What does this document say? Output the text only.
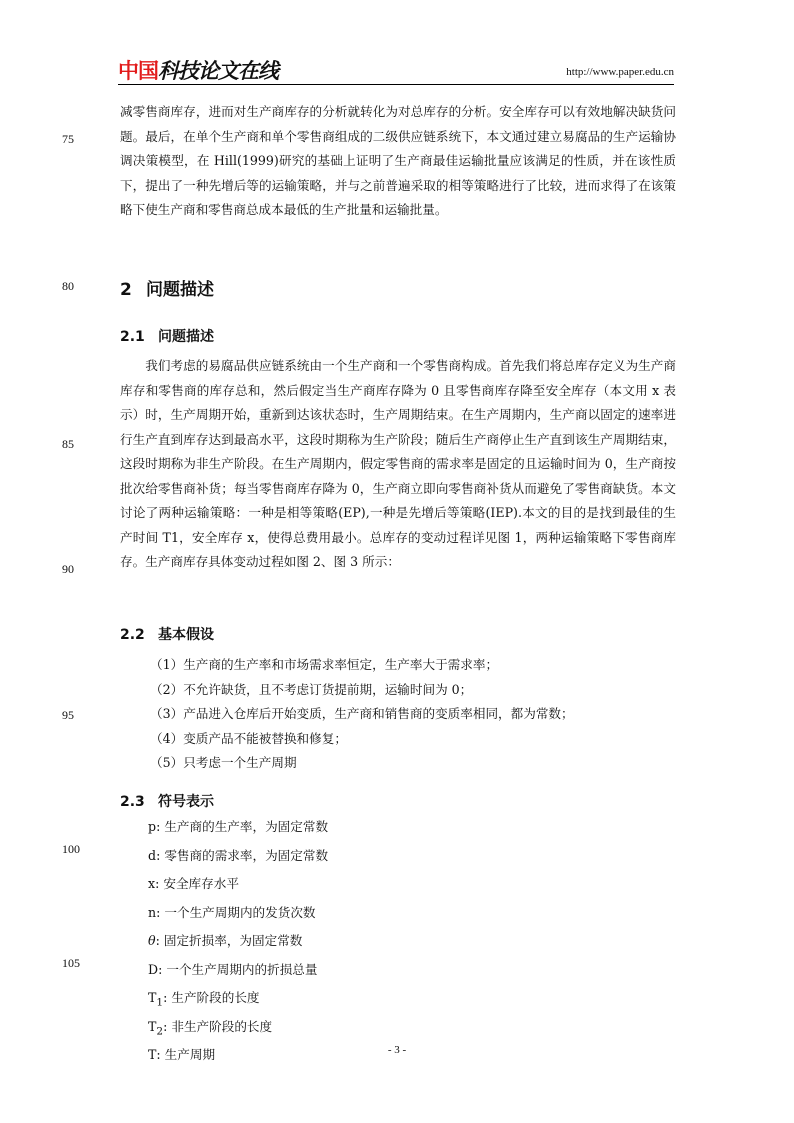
中国科技论文在线	http://www.paper.edu.cn
75
80
85
90
95
100
105
减零售商库存，进而对生产商库存的分析就转化为对总库存的分析。安全库存可以有效地解决缺货问题。最后，在单个生产商和单个零售商组成的二级供应链系统下，本文通过建立易腐品的生产运输协调决策模型，在 Hill(1999)研究的基础上证明了生产商最佳运输批量应该满足的性质，并在该性质下，提出了一种先增后等的运输策略，并与之前普遍采取的相等策略进行了比较，进而求得了在该策略下使生产商和零售商总成本最低的生产批量和运输批量。
2 问题描述
2.1 问题描述
我们考虑的易腐品供应链系统由一个生产商和一个零售商构成。首先我们将总库存定义为生产商库存和零售商的库存总和，然后假定当生产商库存降为 0 且零售商库存降至安全库存（本文用 x 表示）时，生产周期开始，重新到达该状态时，生产周期结束。在生产周期内，生产商以固定的速率进行生产直到库存达到最高水平，这段时期称为生产阶段；随后生产商停止生产直到该生产周期结束，这段时期称为非生产阶段。在生产周期内，假定零售商的需求率是固定的且运输时间为 0，生产商按批次给零售商补货；每当零售商库存降为 0，生产商立即向零售商补货从而避免了零售商缺货。本文讨论了两种运输策略：一种是相等策略(EP),一种是先增后等策略(IEP).本文的目的是找到最佳的生产时间 T1，安全库存 x，使得总费用最小。总库存的变动过程详见图 1，两种运输策略下零售商库存。生产商库存具体变动过程如图 2、图 3 所示：
2.2 基本假设
（1）生产商的生产率和市场需求率恒定，生产率大于需求率；
（2）不允许缺货，且不考虑订货提前期，运输时间为 0；
（3）产品进入仓库后开始变质，生产商和销售商的变质率相同，都为常数；
（4）变质产品不能被替换和修复；
（5）只考虑一个生产周期
2.3 符号表示
p: 生产商的生产率，为固定常数
d: 零售商的需求率，为固定常数
x: 安全库存水平
n: 一个生产周期内的发货次数
θ: 固定折损率，为固定常数
D: 一个生产周期内的折损总量
$T_1$: 生产阶段的长度
$T_2$: 非生产阶段的长度
T: 生产周期	- 3 -
